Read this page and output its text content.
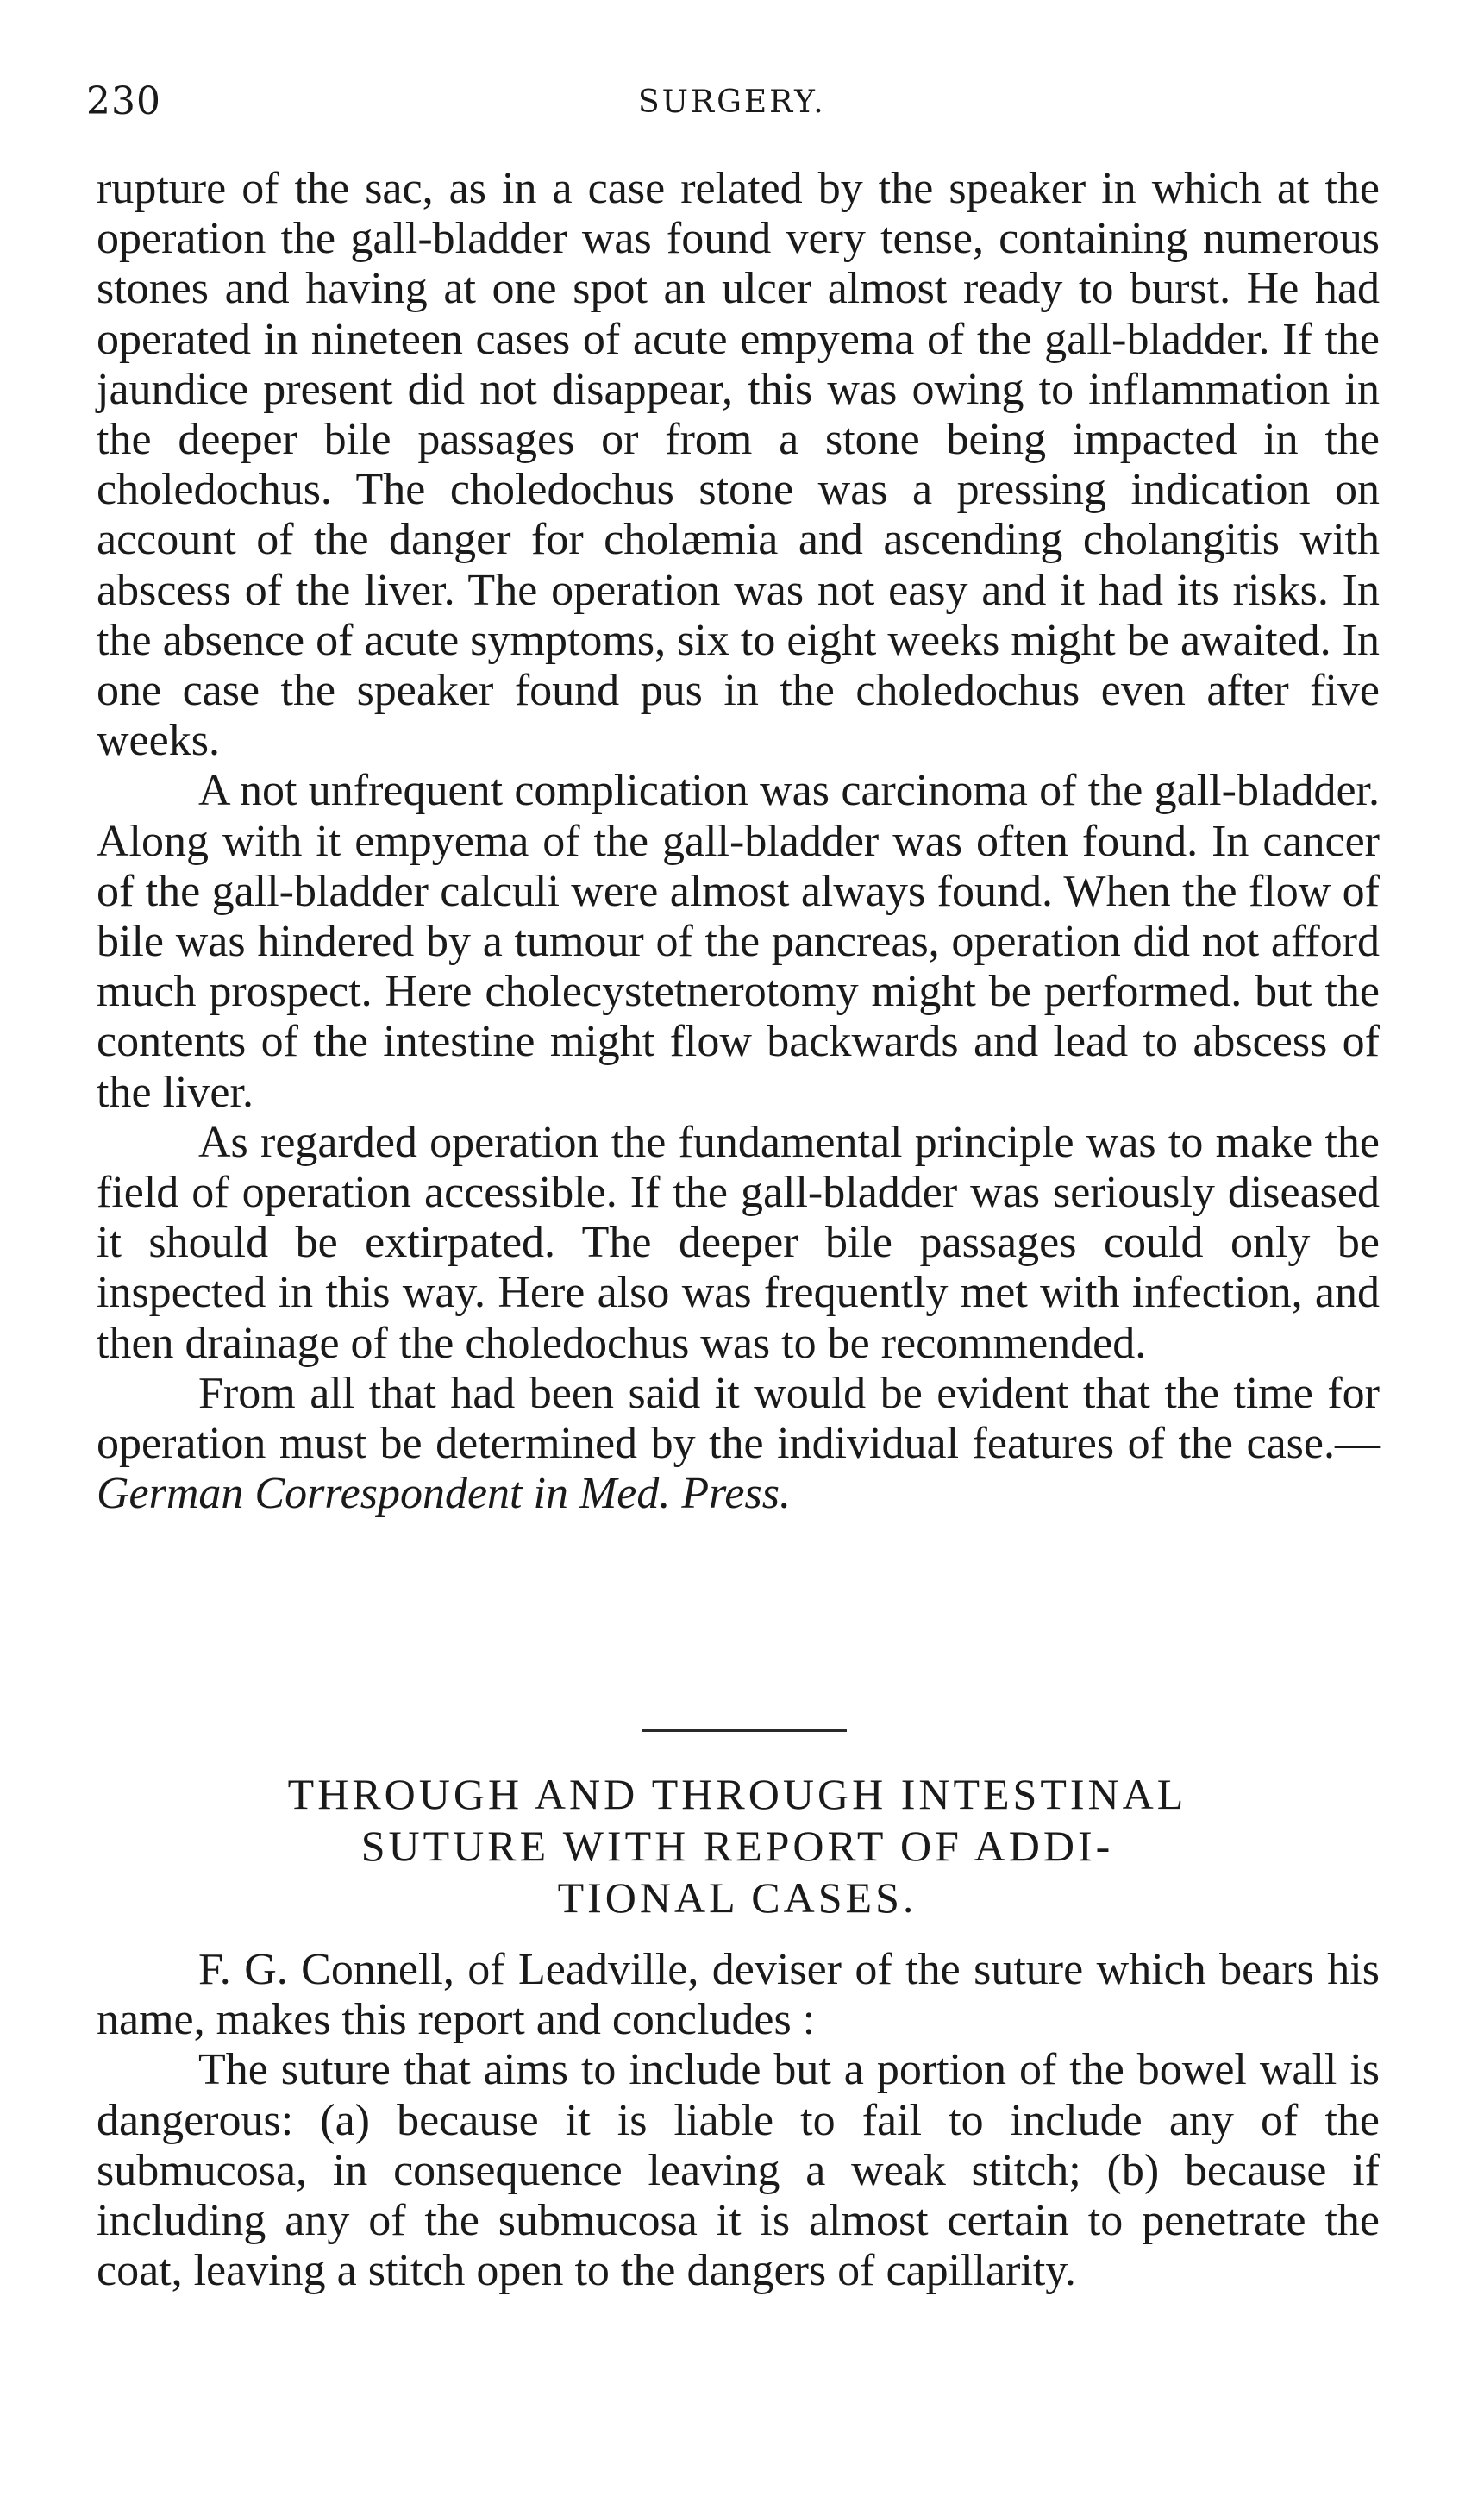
230	SURGERY.

rupture of the sac, as in a case related by the speaker in which at the operation the gall-bladder was found very tense, containing numerous stones and having at one spot an ulcer almost ready to burst. He had operated in nineteen cases of acute empyema of the gall-bladder. If the jaundice present did not disappear, this was owing to inflammation in the deeper bile passages or from a stone being impacted in the choledochus. The choledochus stone was a pressing indication on account of the danger for cholæmia and ascending cholangitis with abscess of the liver. The operation was not easy and it had its risks. In the absence of acute symptoms, six to eight weeks might be awaited. In one case the speaker found pus in the choledochus even after five weeks.

A not unfrequent complication was carcinoma of the gall-bladder. Along with it empyema of the gall-bladder was often found. In cancer of the gall-bladder calculi were almost always found. When the flow of bile was hindered by a tumour of the pancreas, operation did not afford much prospect. Here cholecystetnerotomy might be performed. but the contents of the intestine might flow backwards and lead to abscess of the liver.

As regarded operation the fundamental principle was to make the field of operation accessible. If the gall-bladder was seriously diseased it should be extirpated. The deeper bile passages could only be inspected in this way. Here also was frequently met with infection, and then drainage of the choledochus was to be recommended.

From all that had been said it would be evident that the time for operation must be determined by the individual features of the case.—German Correspondent in Med. Press.

THROUGH AND THROUGH INTESTINAL
SUTURE WITH REPORT OF ADDI-
TIONAL CASES.

F. G. Connell, of Leadville, deviser of the suture which bears his name, makes this report and concludes :

The suture that aims to include but a portion of the bowel wall is dangerous: (a) because it is liable to fail to include any of the submucosa, in consequence leaving a weak stitch; (b) because if including any of the submucosa it is almost certain to penetrate the coat, leaving a stitch open to the dangers of capillarity.
